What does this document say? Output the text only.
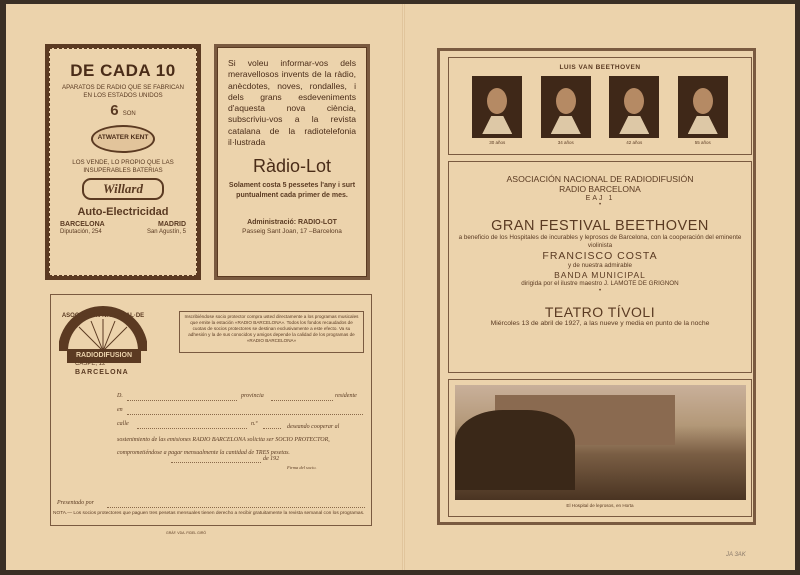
DE CADA 10
APARATOS DE RADIO QUE SE FABRICAN EN LOS ESTADOS UNIDOS
6 SON
ATWATER KENT
LOS VENDE, LO PROPIO QUE LAS INSUPERABLES BATERIAS
Willard
Auto-Electricidad
BARCELONA	MADRID
Diputación, 254	San Agustín, 5
Si voleu informar-vos dels meravellosos invents de la ràdio, anècdotes, noves, rondalles, i dels grans esdeveniments d'aquesta nova ciència, subscriviu-vos a la revista catalana de la radiotelefonia il·lustrada
Ràdio-Lot
Solament costa 5 pessetes l'any i surt puntualment cada primer de mes.
Administració: RADIO-LOT
Passeig Sant Joan, 17 –Barcelona
ASOCIACION·NACIONAL·DE
RADIODIFUSION
CASPE, 12
BARCELONA
Inscribiéndose socio protector compra usted directamente a los programas musicales que emite la estación «RADIO BARCELONA». Todos los fondos recaudados de cuotas de socios protectores se destinan exclusivamente a este efecto. Va su adhesión y la de sus conocidos y amigos depende la calidad de los programas de «RADIO BARCELONA»
D.	provincia	residente
en
calle	n.º	deseando cooperar al sostenimiento de las emisiones RADIO BARCELONA solicita ser SOCIO PROTECTOR, comprometiéndose a pagar mensualmente la cantidad de TRES pesetas.
de 192
Firma del socio.
Presentado por
NOTA.— Los socios protectores que paguen tres pesetas mensuales tienen derecho a recibir gratuitamente la revista semanal con los programas.
GRÀF. VDA. FIDEL GIRÓ
LUIS VAN BEETHOVEN
30 años	34 años	42 años	55 años
ASOCIACIÓN NACIONAL DE RADIODIFUSIÓN
RADIO BARCELONA
EAJ 1
•
GRAN FESTIVAL BEETHOVEN
a beneficio de los Hospitales de incurables y leprosos de Barcelona, con la cooperación del eminente violinista
FRANCISCO COSTA
y de nuestra admirable
BANDA MUNICIPAL
dirigida por el ilustre maestro J. LAMOTE DE GRIGNON
•
TEATRO TÍVOLI
Miércoles 13 de abril de 1927, a las nueve y media en punto de la noche
El Hospital de leprosos, en Horta
JA 3AK
